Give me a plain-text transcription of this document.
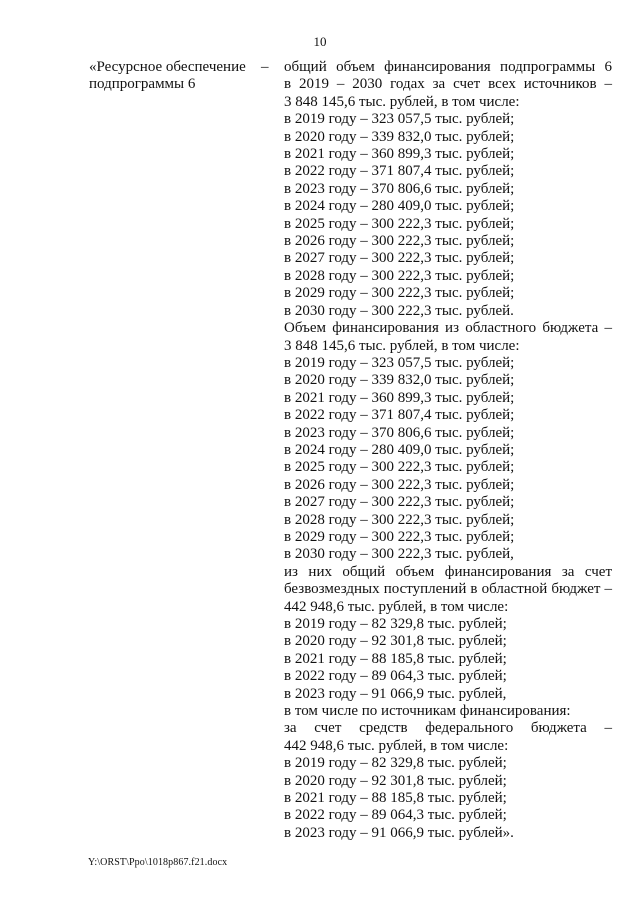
10
«Ресурсное обеспечение
подпрограммы 6
– общий объем финансирования подпрограммы 6
в 2019 – 2030 годах за счет всех источников –
3 848 145,6 тыс. рублей, в том числе:
в 2019 году – 323 057,5 тыс. рублей;
в 2020 году – 339 832,0 тыс. рублей;
в 2021 году – 360 899,3 тыс. рублей;
в 2022 году – 371 807,4 тыс. рублей;
в 2023 году – 370 806,6 тыс. рублей;
в 2024 году – 280 409,0 тыс. рублей;
в 2025 году – 300 222,3 тыс. рублей;
в 2026 году – 300 222,3 тыс. рублей;
в 2027 году – 300 222,3 тыс. рублей;
в 2028 году – 300 222,3 тыс. рублей;
в 2029 году – 300 222,3 тыс. рублей;
в 2030 году – 300 222,3 тыс. рублей.
Объем финансирования из областного бюджета –
3 848 145,6 тыс. рублей, в том числе:
в 2019 году – 323 057,5 тыс. рублей;
в 2020 году – 339 832,0 тыс. рублей;
в 2021 году – 360 899,3 тыс. рублей;
в 2022 году – 371 807,4 тыс. рублей;
в 2023 году – 370 806,6 тыс. рублей;
в 2024 году – 280 409,0 тыс. рублей;
в 2025 году – 300 222,3 тыс. рублей;
в 2026 году – 300 222,3 тыс. рублей;
в 2027 году – 300 222,3 тыс. рублей;
в 2028 году – 300 222,3 тыс. рублей;
в 2029 году – 300 222,3 тыс. рублей;
в 2030 году – 300 222,3 тыс. рублей,
из них общий объем финансирования за счет
безвозмездных поступлений в областной бюджет –
442 948,6 тыс. рублей, в том числе:
в 2019 году – 82 329,8 тыс. рублей;
в 2020 году – 92 301,8 тыс. рублей;
в 2021 году – 88 185,8 тыс. рублей;
в 2022 году – 89 064,3 тыс. рублей;
в 2023 году – 91 066,9 тыс. рублей,
в том числе по источникам финансирования:
за счет средств федерального бюджета –
442 948,6 тыс. рублей, в том числе:
в 2019 году – 82 329,8 тыс. рублей;
в 2020 году – 92 301,8 тыс. рублей;
в 2021 году – 88 185,8 тыс. рублей;
в 2022 году – 89 064,3 тыс. рублей;
в 2023 году – 91 066,9 тыс. рублей».
Y:\ORST\Ppo\1018p867.f21.docx
